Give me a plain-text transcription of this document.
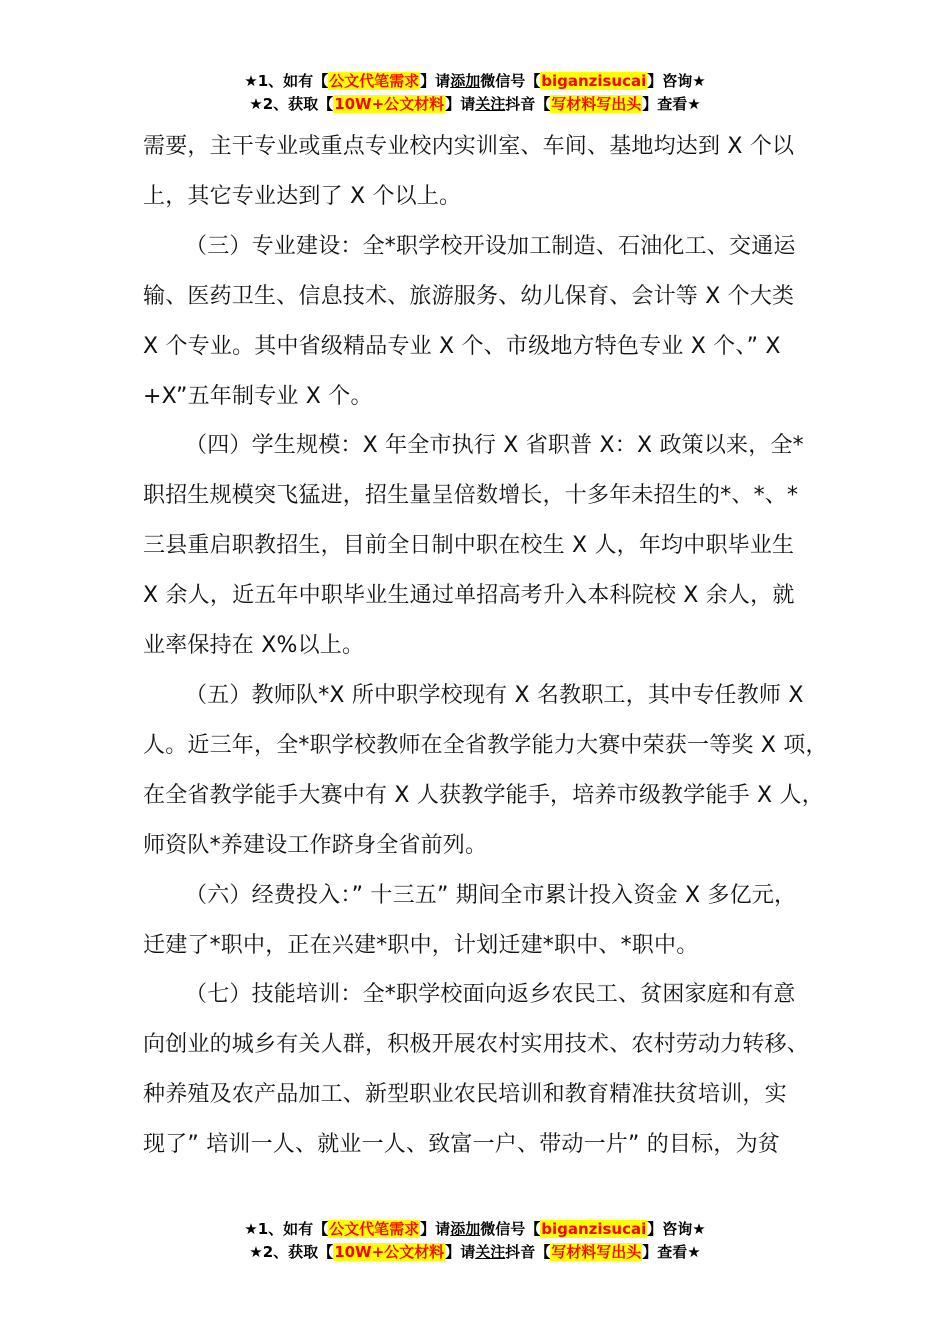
★1、如有【公文代笔需求】请添加微信号【biganzisucai】咨询★
★2、获取【10W+公文材料】请关注抖音【写材料写出头】查看★

需要，主干专业或重点专业校内实训室、车间、基地均达到 X 个以
上，其它专业达到了 X 个以上。

（三）专业建设：全*职学校开设加工制造、石油化工、交通运
输、医药卫生、信息技术、旅游服务、幼儿保育、会计等 X 个大类
X 个专业。其中省级精品专业 X 个、市级地方特色专业 X 个、” X
+X”五年制专业 X 个。

（四）学生规模：X 年全市执行 X 省职普 X：X 政策以来，全*
职招生规模突飞猛进，招生量呈倍数增长，十多年未招生的*、*、*
三县重启职教招生，目前全日制中职在校生 X 人，年均中职毕业生
X 余人，近五年中职毕业生通过单招高考升入本科院校 X 余人，就
业率保持在 X%以上。

（五）教师队*X 所中职学校现有 X 名教职工，其中专任教师 X
人。近三年，全*职学校教师在全省教学能力大赛中荣获一等奖 X 项，
在全省教学能手大赛中有 X 人获教学能手，培养市级教学能手 X 人，
师资队*养建设工作跻身全省前列。

（六）经费投入：” 十三五” 期间全市累计投入资金 X 多亿元，
迁建了*职中，正在兴建*职中，计划迁建*职中、*职中。

（七）技能培训：全*职学校面向返乡农民工、贫困家庭和有意
向创业的城乡有关人群，积极开展农村实用技术、农村劳动力转移、
种养殖及农产品加工、新型职业农民培训和教育精准扶贫培训，实
现了” 培训一人、就业一人、致富一户、带动一片” 的目标，为贫

★1、如有【公文代笔需求】请添加微信号【biganzisucai】咨询★
★2、获取【10W+公文材料】请关注抖音【写材料写出头】查看★
